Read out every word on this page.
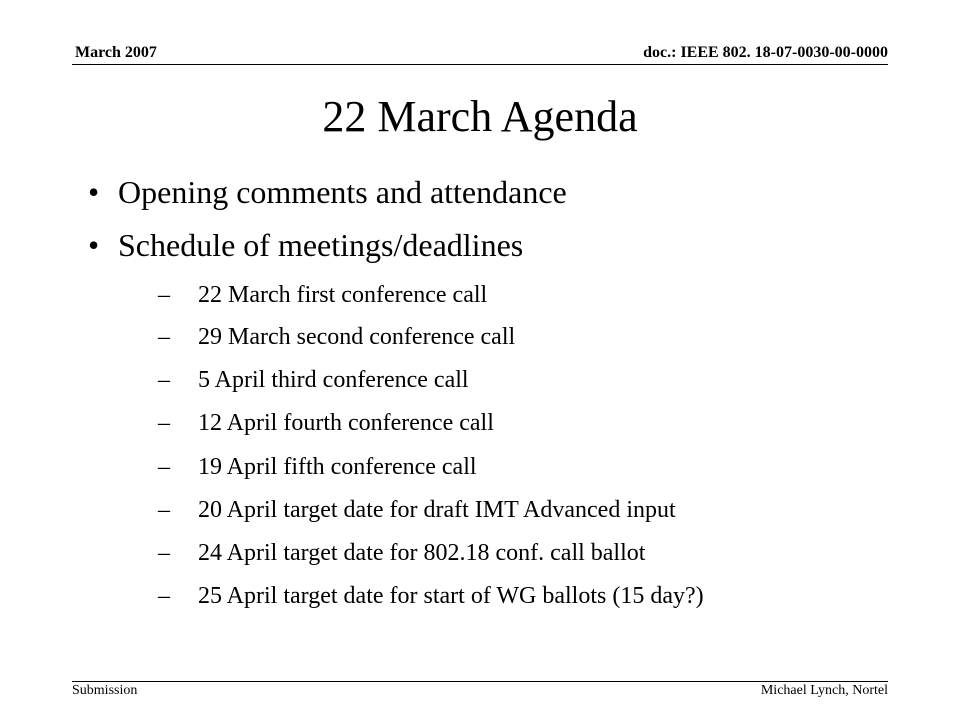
March 2007	doc.: IEEE 802. 18-07-0030-00-0000
22 March Agenda
• Opening comments and attendance
• Schedule of meetings/deadlines
– 22 March first conference call
– 29 March second conference call
– 5 April third conference call
– 12 April fourth conference call
– 19 April fifth conference call
– 20 April target date for draft IMT Advanced input
– 24 April target date for 802.18 conf. call ballot
– 25 April target date for start of WG ballots (15 day?)
Submission	Michael Lynch, Nortel
